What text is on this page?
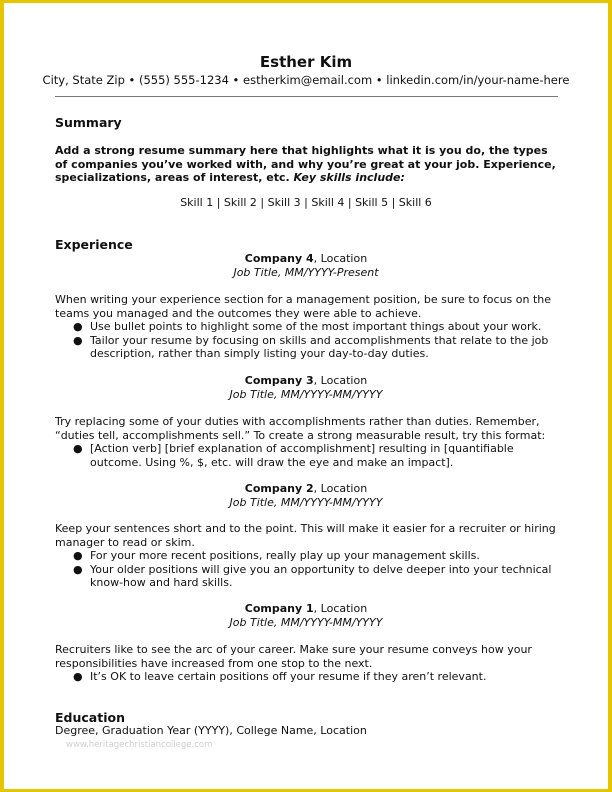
Esther Kim
City, State Zip • (555) 555-1234 • estherkim@email.com • linkedin.com/in/your-name-here
Summary
Add a strong resume summary here that highlights what it is you do, the types of companies you’ve worked with, and why you’re great at your job. Experience, specializations, areas of interest, etc. Key skills include:
Skill 1 | Skill 2 | Skill 3 | Skill 4 | Skill 5 | Skill 6
Experience
Company 4, Location
Job Title, MM/YYYY-Present
When writing your experience section for a management position, be sure to focus on the teams you managed and the outcomes they were able to achieve.
● Use bullet points to highlight some of the most important things about your work.
● Tailor your resume by focusing on skills and accomplishments that relate to the job description, rather than simply listing your day-to-day duties.
Company 3, Location
Job Title, MM/YYYY-MM/YYYY
Try replacing some of your duties with accomplishments rather than duties. Remember, “duties tell, accomplishments sell.” To create a strong measurable result, try this format:
● [Action verb] [brief explanation of accomplishment] resulting in [quantifiable outcome. Using %, $, etc. will draw the eye and make an impact].
Company 2, Location
Job Title, MM/YYYY-MM/YYYY
Keep your sentences short and to the point. This will make it easier for a recruiter or hiring manager to read or skim.
● For your more recent positions, really play up your management skills.
● Your older positions will give you an opportunity to delve deeper into your technical know-how and hard skills.
Company 1, Location
Job Title, MM/YYYY-MM/YYYY
Recruiters like to see the arc of your career. Make sure your resume conveys how your responsibilities have increased from one stop to the next.
● It’s OK to leave certain positions off your resume if they aren’t relevant.
Education
Degree, Graduation Year (YYYY), College Name, Location
www.heritagechristiancollege.com
